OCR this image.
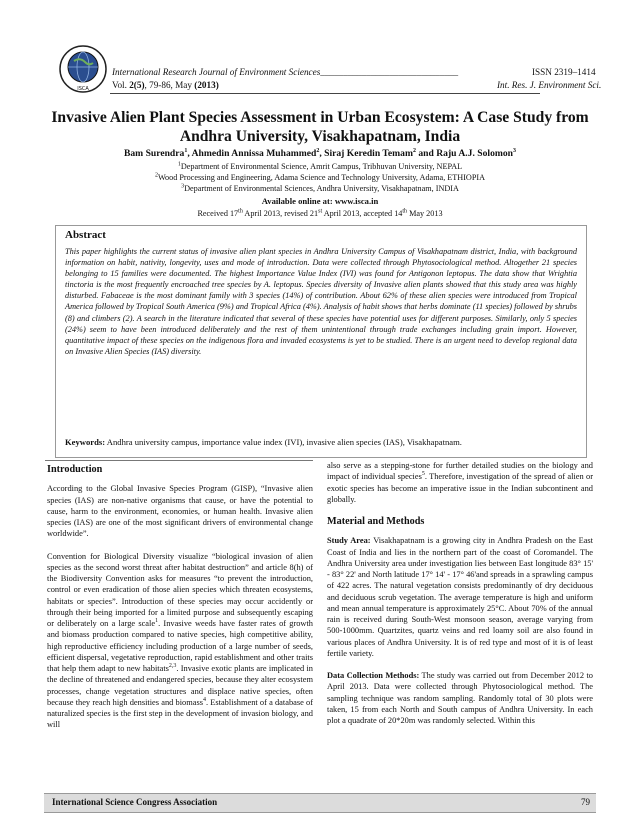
ISCA
International Research Journal of Environment Sciences______________________________	ISSN 2319–1414
Vol. 2(5), 79-86, May (2013)	Int. Res. J. Environment Sci.
Invasive Alien Plant Species Assessment in Urban Ecosystem: A Case Study from Andhra University, Visakhapatnam, India
Bam Surendra$^1$, Ahmedin Annissa Muhammed$^2$, Siraj Keredin Temam$^2$ and Raju A.J. Solomon$^3$
$^1$Department of Environmental Science, Amrit Campus, Tribhuvan University, NEPAL
$^2$Wood Processing and Engineering, Adama Science and Technology University, Adama, ETHIOPIA
$^3$Department of Environmental Sciences, Andhra University, Visakhapatnam, INDIA
Available online at: www.isca.in
Received 17th April 2013, revised 21st April 2013, accepted 14th May 2013
Abstract
This paper highlights the current status of invasive alien plant species in Andhra University Campus of Visakhapatnam district, India, with background information on habit, nativity, longevity, uses and mode of introduction. Data were collected through Phytosociological method. Altogether 21 species belonging to 15 families were documented. The highest Importance Value Index (IVI) was found for Antigonon leptopus. The data show that Wrightia tinctoria is the most frequently encroached tree species by A. leptopus. Species diversity of Invasive alien plants showed that this study area was highly disturbed. Fabaceae is the most dominant family with 3 species (14%) of contribution. About 62% of these alien species were introduced from Tropical America followed by Tropical South America (9%) and Tropical Africa (4%). Analysis of habit shows that herbs dominate (11 species) followed by shrubs (8) and climbers (2). A search in the literature indicated that several of these species have potential uses for different purposes. Similarly, only 5 species (24%) seem to have been introduced deliberately and the rest of them unintentional through trade exchanges including grain import. However, quantitative impact of these species on the indigenous flora and invaded ecosystems is yet to be studied. There is an urgent need to develop regional data on Invasive Alien Species (IAS) diversity.
Keywords: Andhra university campus, importance value index (IVI), invasive alien species (IAS), Visakhapatnam.
Introduction

According to the Global Invasive Species Program (GISP), “Invasive alien species (IAS) are non-native organisms that cause, or have the potential to cause, harm to the environment, economies, or human health. Invasive alien species (IAS) are one of the most significant drivers of environmental change worldwide”.

Convention for Biological Diversity visualize “biological invasion of alien species as the second worst threat after habitat destruction” and article 8(h) of the Biodiversity Convention asks for measures “to prevent the introduction, control or even eradication of those alien species which threaten ecosystems, habitats or species”. Introduction of these species may occur accidently or through their being imported for a limited purpose and subsequently escaping or deliberately on a large scale$^1$. Invasive weeds have faster rates of growth and biomass production compared to native species, high competitive ability, high reproductive efficiency including production of a large number of seeds, efficient dispersal, vegetative reproduction, rapid establishment and other traits that help them adapt to new habitats$^{2,3}$. Invasive exotic plants are implicated in the decline of threatened and endangered species, because they alter ecosystem processes, change vegetation structures and displace native species, often because they reach high densities and biomass$^4$. Establishment of a database of naturalized species is the first step in the development of invasion biology, and will

also serve as a stepping-stone for further detailed studies on the biology and impact of individual species$^5$. Therefore, investigation of the spread of alien or exotic species has become an imperative issue in the Indian subcontinent and globally.

Material and Methods

Study Area: Visakhapatnam is a growing city in Andhra Pradesh on the East Coast of India and lies in the northern part of the coast of Coromandel. The Andhra University area under investigation lies between East longitude 83° 15' - 83° 22' and North latitude 17° 14' - 17° 46'and spreads in a sprawling campus of 422 acres. The natural vegetation consists predominantly of dry deciduous and deciduous scrub vegetation. The average temperature is high and uniform and mean annual temperature is approximately 25°C. About 70% of the annual rain is received during South-West monsoon season, average varying from 500-1000mm. Quartzites, quartz veins and red loamy soil are also found in various places of Andhra University. It is of red type and most of it is of least fertile variety.

Data Collection Methods: The study was carried out from December 2012 to April 2013. Data were collected through Phytosociological method. The sampling technique was random sampling. Randomly total of 30 plots were taken, 15 from each North and South campus of Andhra University. In each plot a quadrate of 20*20m was randomly selected. Within this

International Science Congress Association	79
